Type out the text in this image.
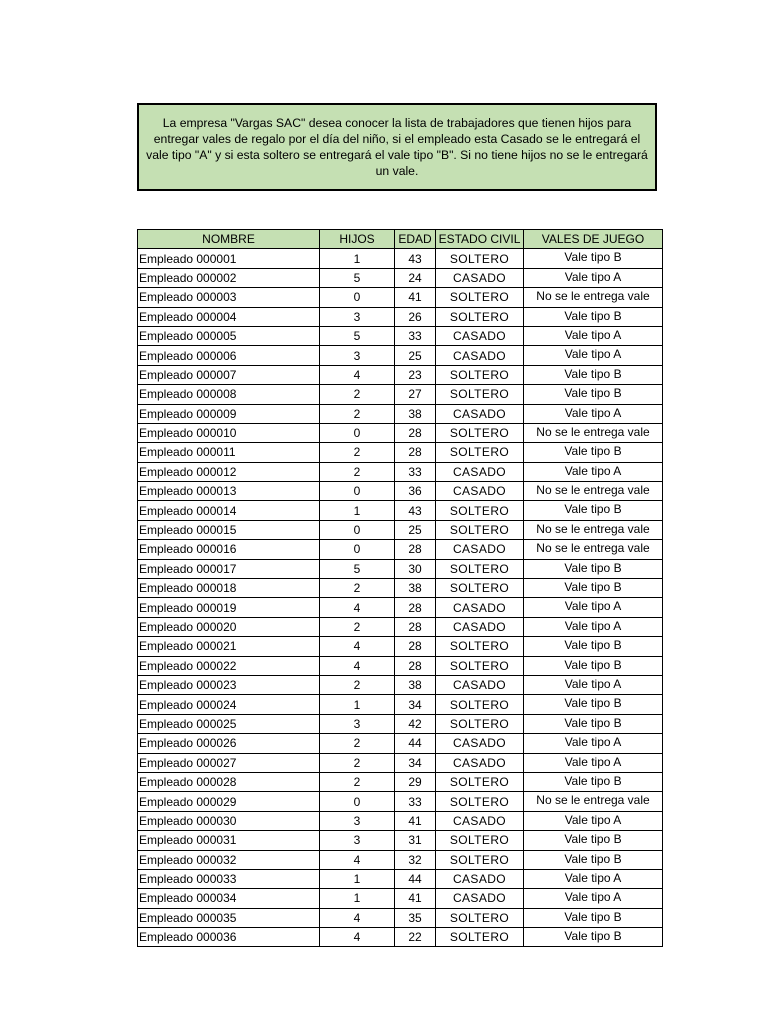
La empresa "Vargas SAC" desea conocer la lista de trabajadores que tienen hijos para entregar vales de regalo por el día del niño, si el empleado esta Casado se le entregará el vale tipo "A" y si esta soltero se entregará el vale tipo "B". Si no tiene hijos no se le entregará un vale.
NOMBRE	HIJOS	EDAD	ESTADO CIVIL	VALES DE JUEGO
Empleado 000001	1	43	SOLTERO	Vale tipo B
Empleado 000002	5	24	CASADO	Vale tipo A
Empleado 000003	0	41	SOLTERO	No se le entrega vale
Empleado 000004	3	26	SOLTERO	Vale tipo B
Empleado 000005	5	33	CASADO	Vale tipo A
Empleado 000006	3	25	CASADO	Vale tipo A
Empleado 000007	4	23	SOLTERO	Vale tipo B
Empleado 000008	2	27	SOLTERO	Vale tipo B
Empleado 000009	2	38	CASADO	Vale tipo A
Empleado 000010	0	28	SOLTERO	No se le entrega vale
Empleado 000011	2	28	SOLTERO	Vale tipo B
Empleado 000012	2	33	CASADO	Vale tipo A
Empleado 000013	0	36	CASADO	No se le entrega vale
Empleado 000014	1	43	SOLTERO	Vale tipo B
Empleado 000015	0	25	SOLTERO	No se le entrega vale
Empleado 000016	0	28	CASADO	No se le entrega vale
Empleado 000017	5	30	SOLTERO	Vale tipo B
Empleado 000018	2	38	SOLTERO	Vale tipo B
Empleado 000019	4	28	CASADO	Vale tipo A
Empleado 000020	2	28	CASADO	Vale tipo A
Empleado 000021	4	28	SOLTERO	Vale tipo B
Empleado 000022	4	28	SOLTERO	Vale tipo B
Empleado 000023	2	38	CASADO	Vale tipo A
Empleado 000024	1	34	SOLTERO	Vale tipo B
Empleado 000025	3	42	SOLTERO	Vale tipo B
Empleado 000026	2	44	CASADO	Vale tipo A
Empleado 000027	2	34	CASADO	Vale tipo A
Empleado 000028	2	29	SOLTERO	Vale tipo B
Empleado 000029	0	33	SOLTERO	No se le entrega vale
Empleado 000030	3	41	CASADO	Vale tipo A
Empleado 000031	3	31	SOLTERO	Vale tipo B
Empleado 000032	4	32	SOLTERO	Vale tipo B
Empleado 000033	1	44	CASADO	Vale tipo A
Empleado 000034	1	41	CASADO	Vale tipo A
Empleado 000035	4	35	SOLTERO	Vale tipo B
Empleado 000036	4	22	SOLTERO	Vale tipo B
